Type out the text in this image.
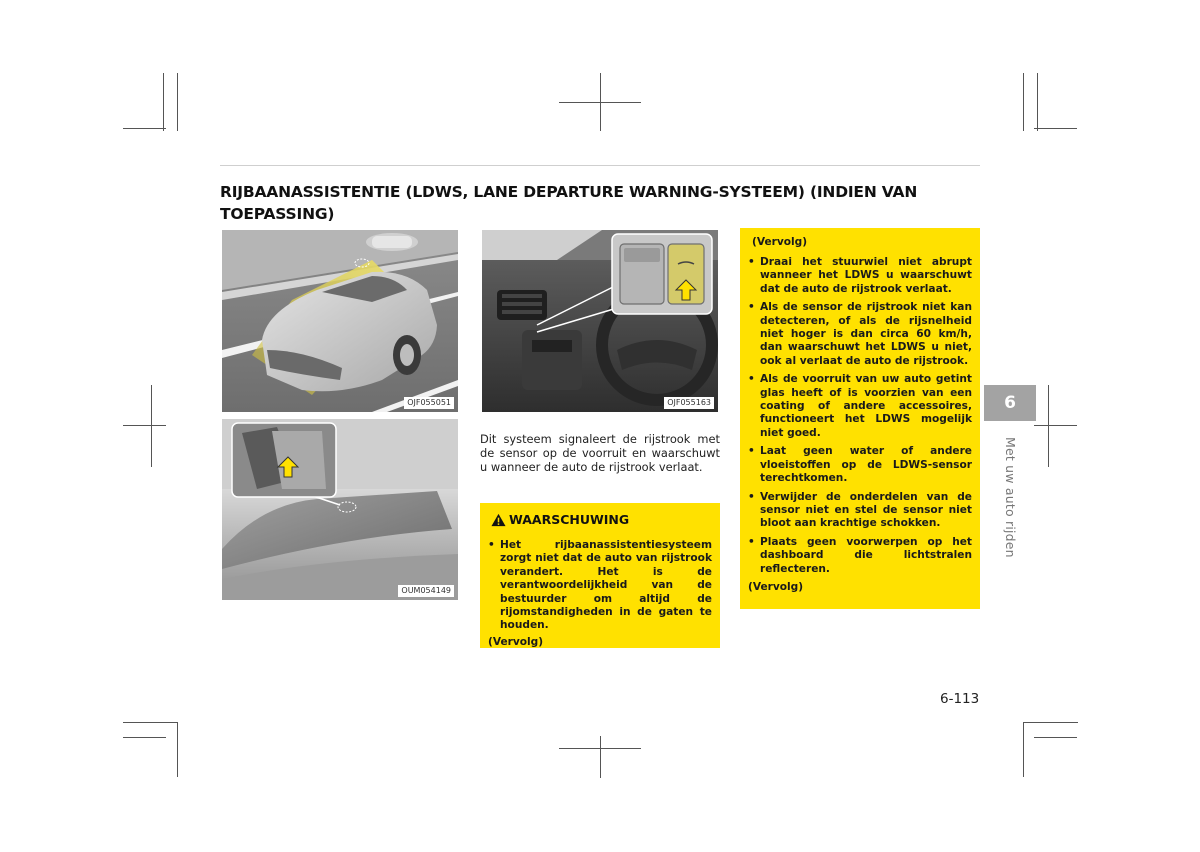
RIJBAANASSISTENTIE (LDWS, LANE DEPARTURE WARNING-SYSTEEM) (INDIEN VAN TOEPASSING)
OJF055051	OJF055163
OUM054149
Dit systeem signaleert de rijstrook met de sensor op de voorruit en waarschuwt u wanneer de auto de rijstrook verlaat.
WAARSCHUWING
• Het rijbaanassistentiesysteem zorgt niet dat de auto van rijstrook verandert. Het is de verantwoordelijkheid van de bestuurder om altijd de rijomstandigheden in de gaten te houden.
(Vervolg)
(Vervolg)
• Draai het stuurwiel niet abrupt wanneer het LDWS u waarschuwt dat de auto de rijstrook verlaat.
• Als de sensor de rijstrook niet kan detecteren, of als de rijsnelheid niet hoger is dan circa 60 km/h, dan waarschuwt het LDWS u niet, ook al verlaat de auto de rijstrook.
• Als de voorruit van uw auto getint glas heeft of is voorzien van een coating of andere accessoires, functioneert het LDWS mogelijk niet goed.
• Laat geen water of andere vloeistoffen op de LDWS-sensor terechtkomen.
• Verwijder de onderdelen van de sensor niet en stel de sensor niet bloot aan krachtige schokken.
• Plaats geen voorwerpen op het dashboard die lichtstralen reflecteren.
(Vervolg)
6
Met uw auto rijden
6-113
